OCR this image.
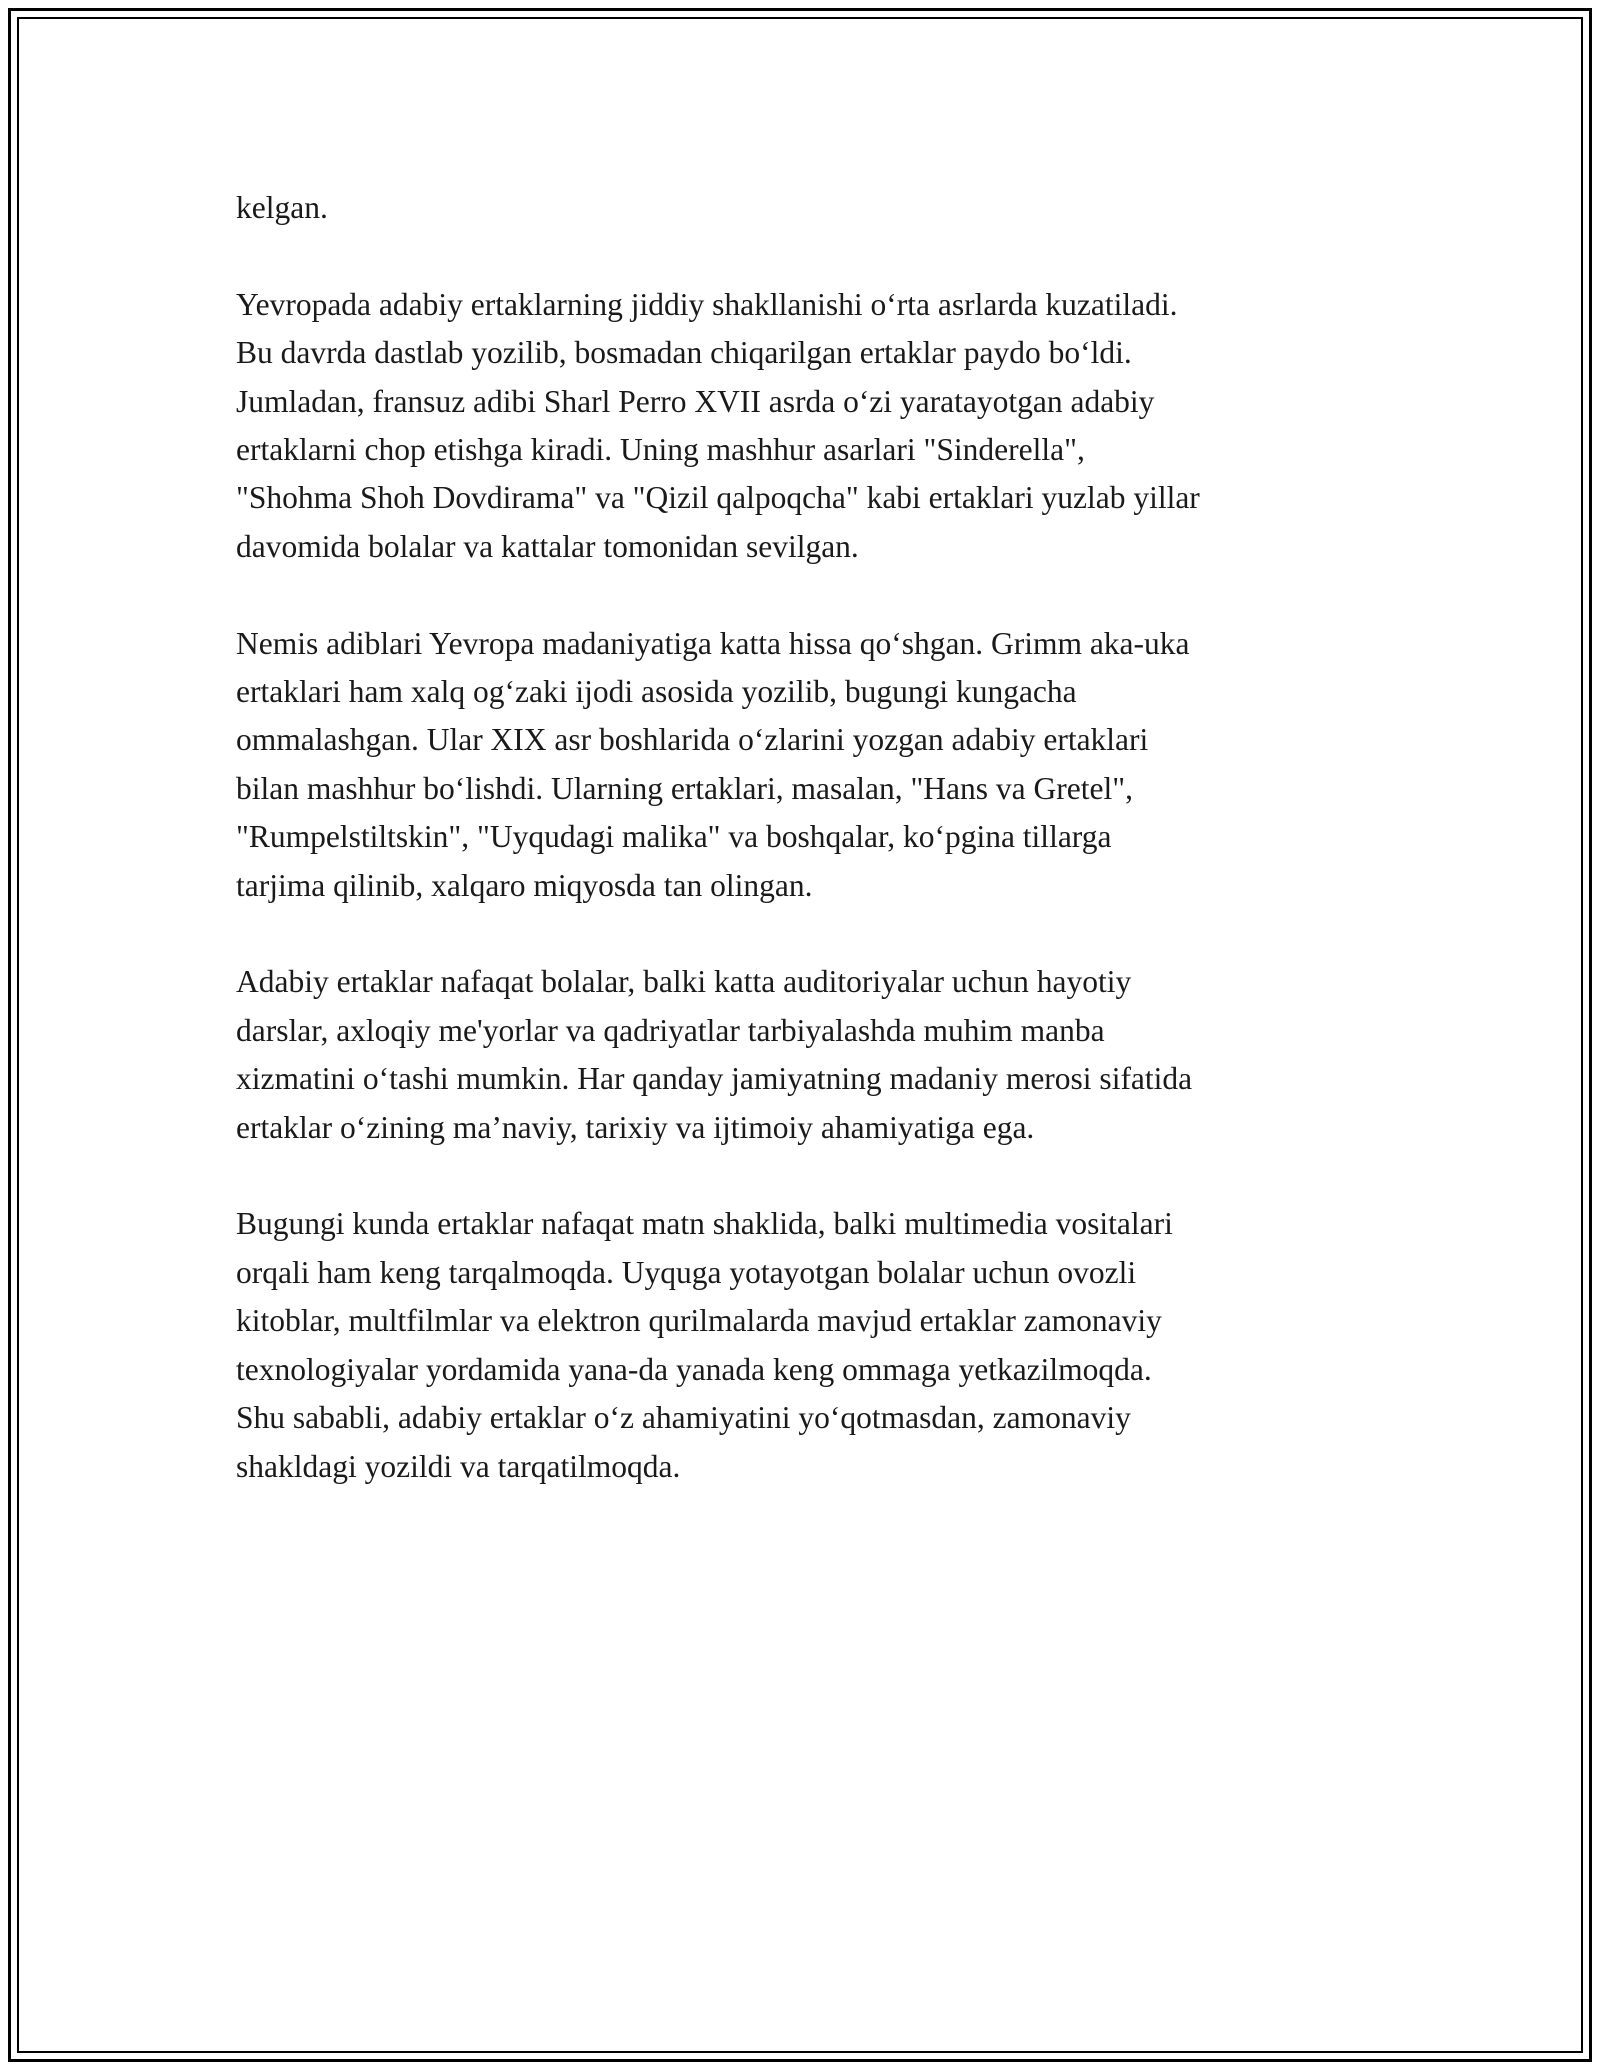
kelgan.

Yevropada adabiy ertaklarning jiddiy shakllanishi o‘rta asrlarda kuzatiladi.
Bu davrda dastlab yozilib, bosmadan chiqarilgan ertaklar paydo bo‘ldi.
Jumladan, fransuz adibi Sharl Perro XVII asrda o‘zi yaratayotgan adabiy
ertaklarni chop etishga kiradi. Uning mashhur asarlari "Sinderella",
"Shohma Shoh Dovdirama" va "Qizil qalpoqcha" kabi ertaklari yuzlab yillar
davomida bolalar va kattalar tomonidan sevilgan.

Nemis adiblari Yevropa madaniyatiga katta hissa qo‘shgan. Grimm aka-uka
ertaklari ham xalq og‘zaki ijodi asosida yozilib, bugungi kungacha
ommalashgan. Ular XIX asr boshlarida o‘zlarini yozgan adabiy ertaklari
bilan mashhur bo‘lishdi. Ularning ertaklari, masalan, "Hans va Gretel",
"Rumpelstiltskin", "Uyqudagi malika" va boshqalar, ko‘pgina tillarga
tarjima qilinib, xalqaro miqyosda tan olingan.

Adabiy ertaklar nafaqat bolalar, balki katta auditoriyalar uchun hayotiy
darslar, axloqiy me'yorlar va qadriyatlar tarbiyalashda muhim manba
xizmatini o‘tashi mumkin. Har qanday jamiyatning madaniy merosi sifatida
ertaklar o‘zining ma’naviy, tarixiy va ijtimoiy ahamiyatiga ega.

Bugungi kunda ertaklar nafaqat matn shaklida, balki multimedia vositalari
orqali ham keng tarqalmoqda. Uyquga yotayotgan bolalar uchun ovozli
kitoblar, multfilmlar va elektron qurilmalarda mavjud ertaklar zamonaviy
texnologiyalar yordamida yana-da yanada keng ommaga yetkazilmoqda.
Shu sababli, adabiy ertaklar o‘z ahamiyatini yo‘qotmasdan, zamonaviy
shakldagi yozildi va tarqatilmoqda.
